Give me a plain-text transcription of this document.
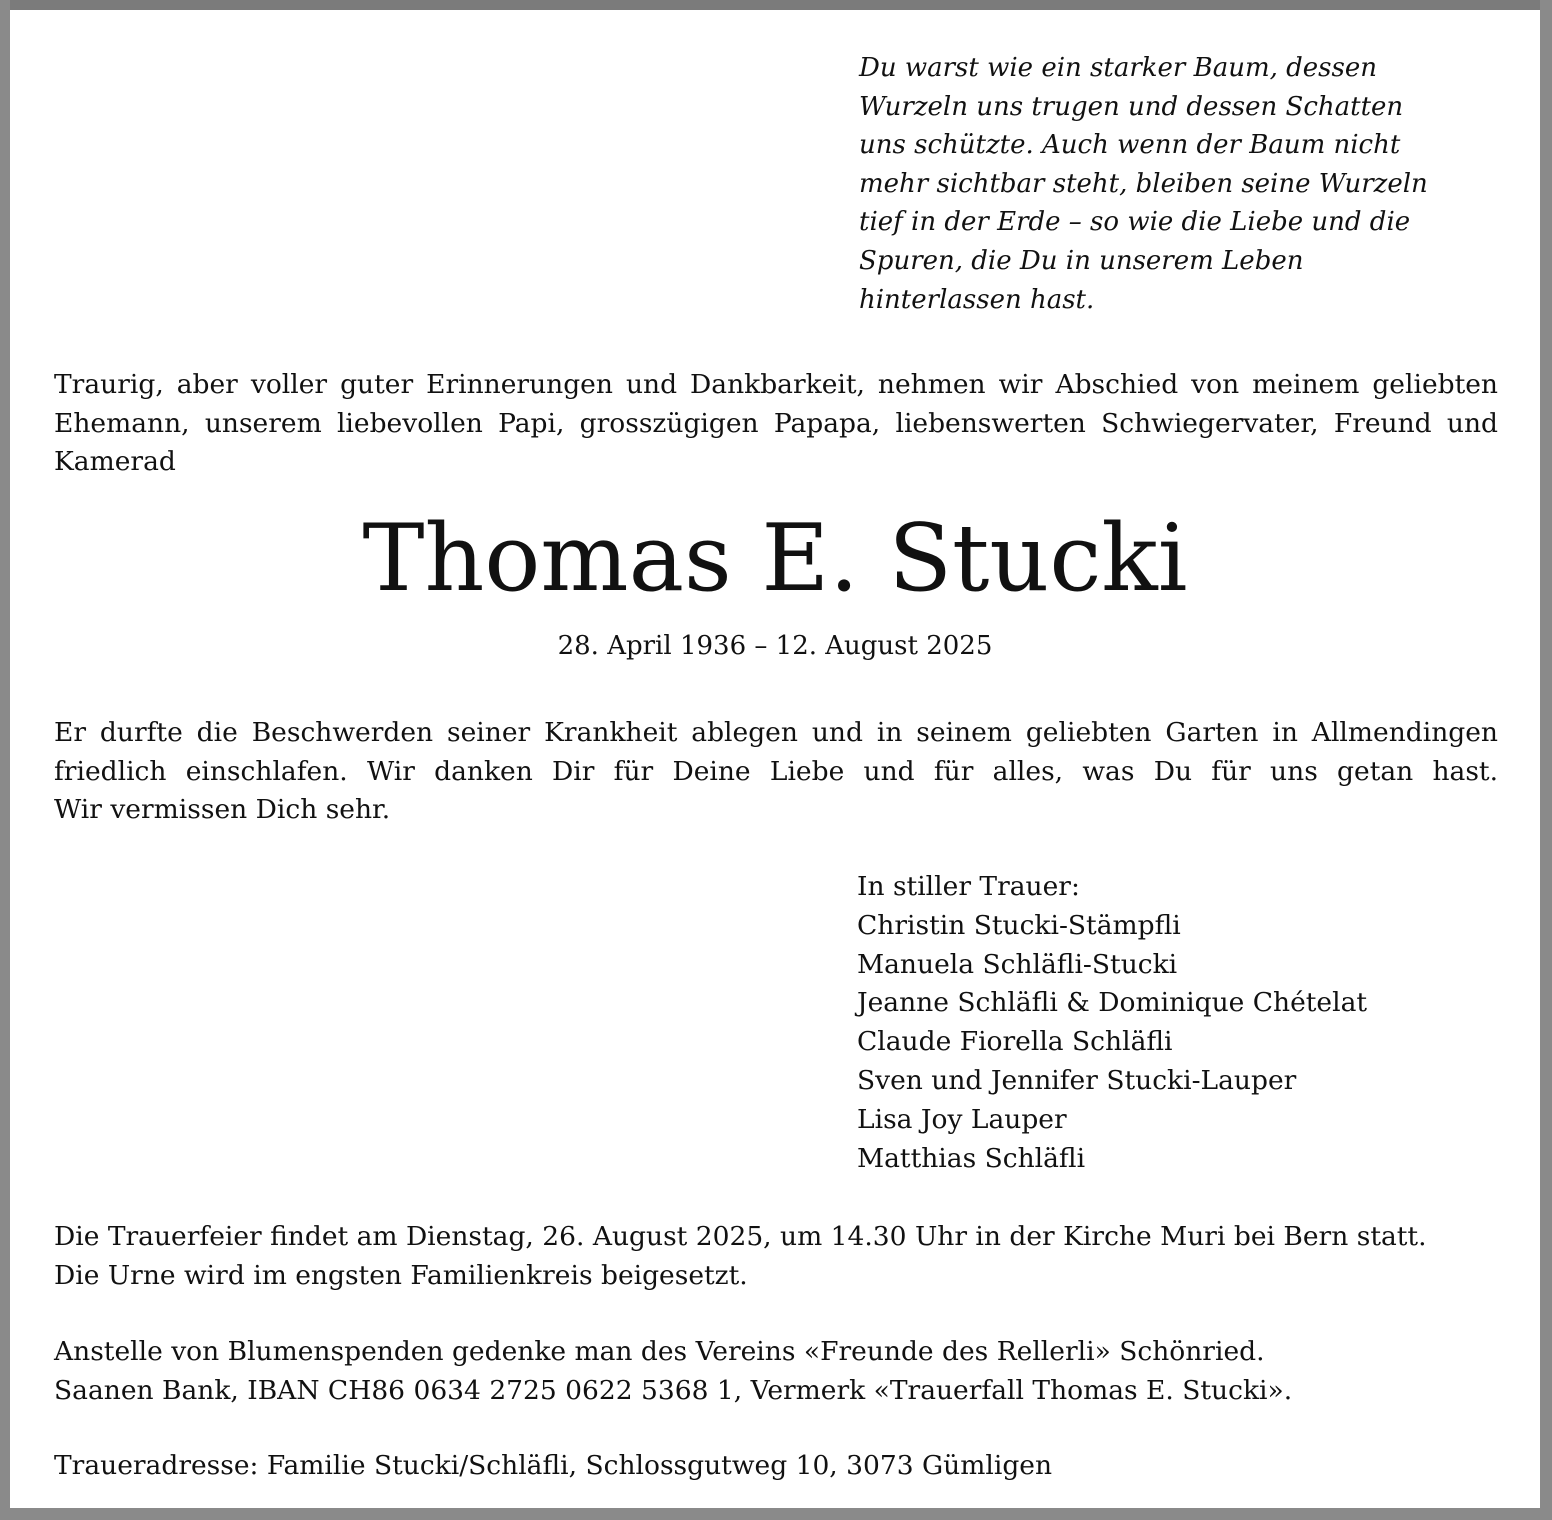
Du warst wie ein starker Baum, dessen
Wurzeln uns trugen und dessen Schatten
uns schützte. Auch wenn der Baum nicht
mehr sichtbar steht, bleiben seine Wurzeln
tief in der Erde – so wie die Liebe und die
Spuren, die Du in unserem Leben
hinterlassen hast.
Traurig, aber voller guter Erinnerungen und Dankbarkeit, nehmen wir Abschied von meinem geliebten
Ehemann, unserem liebevollen Papi, grosszügigen Papapa, liebenswerten Schwiegervater, Freund und
Kamerad
Thomas E. Stucki
28. April 1936 – 12. August 2025
Er durfte die Beschwerden seiner Krankheit ablegen und in seinem geliebten Garten in Allmendingen
friedlich einschlafen. Wir danken Dir für Deine Liebe und für alles, was Du für uns getan hast.
Wir vermissen Dich sehr.
In stiller Trauer:
Christin Stucki-Stämpfli
Manuela Schläfli-Stucki
Jeanne Schläfli & Dominique Chételat
Claude Fiorella Schläfli
Sven und Jennifer Stucki-Lauper
Lisa Joy Lauper
Matthias Schläfli
Die Trauerfeier findet am Dienstag, 26. August 2025, um 14.30 Uhr in der Kirche Muri bei Bern statt.
Die Urne wird im engsten Familienkreis beigesetzt.
Anstelle von Blumenspenden gedenke man des Vereins «Freunde des Rellerli» Schönried.
Saanen Bank, IBAN CH86 0634 2725 0622 5368 1, Vermerk «Trauerfall Thomas E. Stucki».
Traueradresse: Familie Stucki/Schläfli, Schlossgutweg 10, 3073 Gümligen
